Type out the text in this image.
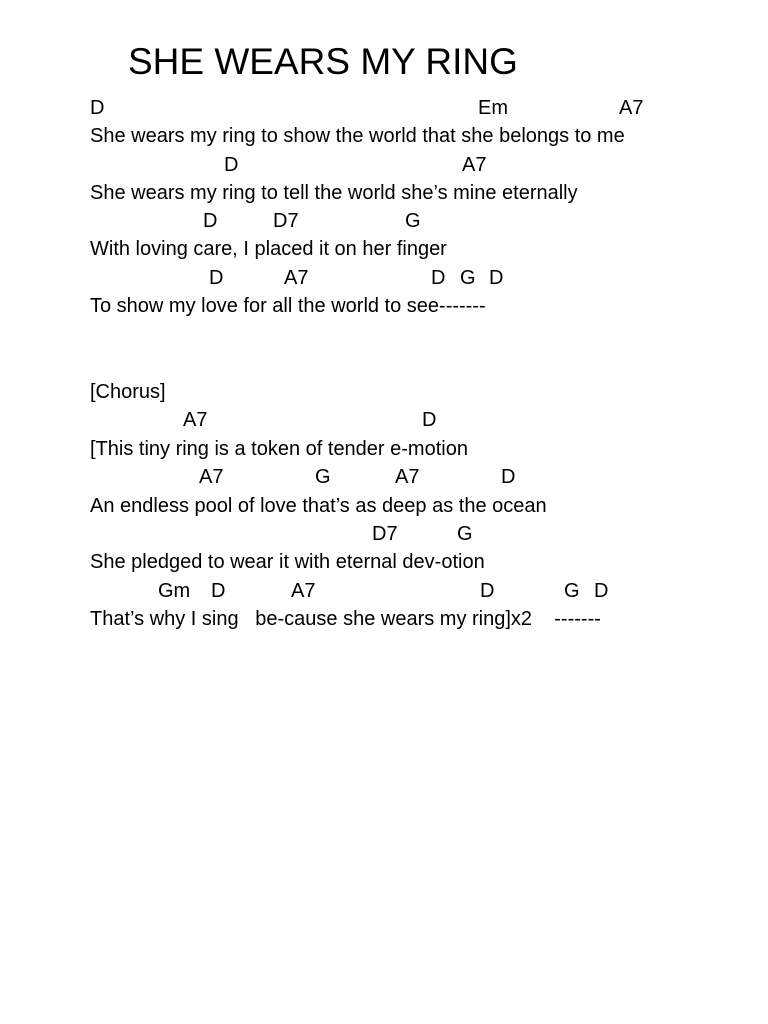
SHE WEARS MY RING
D	Em	A7
She wears my ring to show the world that she belongs to me
D	A7
She wears my ring to tell the world she’s mine eternally
D	D7	G
With loving care, I placed it on her finger
D	A7	D G D
To show my love for all the world to see-------
[Chorus]
A7	D
[This tiny ring is a token of tender e-motion
A7	G	A7	D
An endless pool of love that’s as deep as the ocean
D7	G
She pledged to wear it with eternal dev-otion
Gm D	A7	D	G D
That’s why I sing   be-cause she wears my ring]x2    -------
